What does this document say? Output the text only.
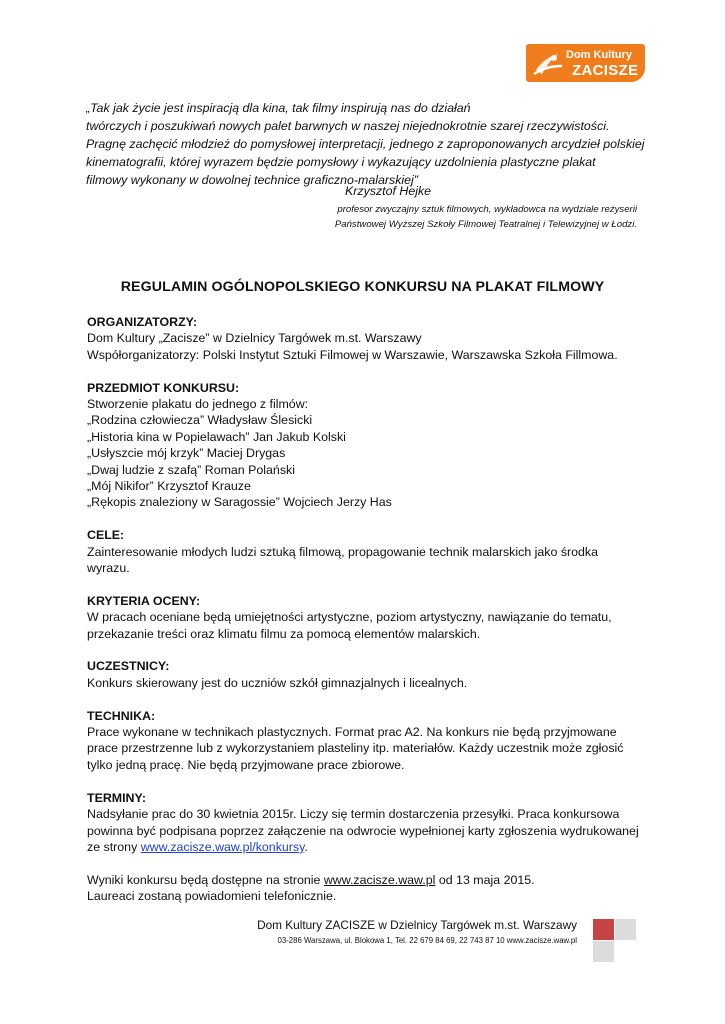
Dom Kultury
ZACISZE
„Tak jak życie jest inspiracją dla kina, tak filmy inspirują nas do działań
twórczych i poszukiwań nowych palet barwnych w naszej niejednokrotnie szarej rzeczywistości.
Pragnę zachęcić młodzież do pomysłowej interpretacji, jednego z zaproponowanych arcydzieł polskiej
kinematografii, której wyrazem będzie pomysłowy i wykazujący uzdolnienia plastyczne plakat
filmowy wykonany w dowolnej technice graficzno-malarskiej”
Krzysztof Hejke
profesor zwyczajny sztuk filmowych, wykładowca na wydziale reżyserii
Państwowej Wyższej Szkoły Filmowej Teatralnej i Telewizyjnej w Łodzi.
REGULAMIN OGÓLNOPOLSKIEGO KONKURSU NA PLAKAT FILMOWY
ORGANIZATORZY:
Dom Kultury „Zacisze” w Dzielnicy Targówek m.st. Warszawy
Współorganizatorzy: Polski Instytut Sztuki Filmowej w Warszawie, Warszawska Szkoła Fillmowa.
PRZEDMIOT KONKURSU:
Stworzenie plakatu do jednego z filmów:
„Rodzina człowiecza” Władysław Ślesicki
„Historia kina w Popielawach” Jan Jakub Kolski
„Usłyszcie mój krzyk” Maciej Drygas
„Dwaj ludzie z szafą” Roman Polański
„Mój Nikifor” Krzysztof Krauze
„Rękopis znaleziony w Saragossie” Wojciech Jerzy Has
CELE:
Zainteresowanie młodych ludzi sztuką filmową, propagowanie technik malarskich jako środka
wyrazu.
KRYTERIA OCENY:
W pracach oceniane będą umiejętności artystyczne, poziom artystyczny, nawiązanie do tematu,
przekazanie treści oraz klimatu filmu za pomocą elementów malarskich.
UCZESTNICY:
Konkurs skierowany jest do uczniów szkół gimnazjalnych i licealnych.
TECHNIKA:
Prace wykonane w technikach plastycznych. Format prac A2. Na konkurs nie będą przyjmowane
prace przestrzenne lub z wykorzystaniem plasteliny itp. materiałów. Każdy uczestnik może zgłosić
tylko jedną pracę. Nie będą przyjmowane prace zbiorowe.
TERMINY:
Nadsyłanie prac do 30 kwietnia 2015r. Liczy się termin dostarczenia przesyłki. Praca konkursowa
powinna być podpisana poprzez załączenie na odwrocie wypełnionej karty zgłoszenia wydrukowanej
ze strony www.zacisze.waw.pl/konkursy.
Wyniki konkursu będą dostępne na stronie www.zacisze.waw.pl od 13 maja 2015.
Laureaci zostaną powiadomieni telefonicznie.
Dom Kultury ZACISZE w Dzielnicy Targówek m.st. Warszawy
03-286 Warszawa, ul. Blokowa 1, Tel. 22 679 84 69, 22 743 87 10 www.zacisze.waw.pl
